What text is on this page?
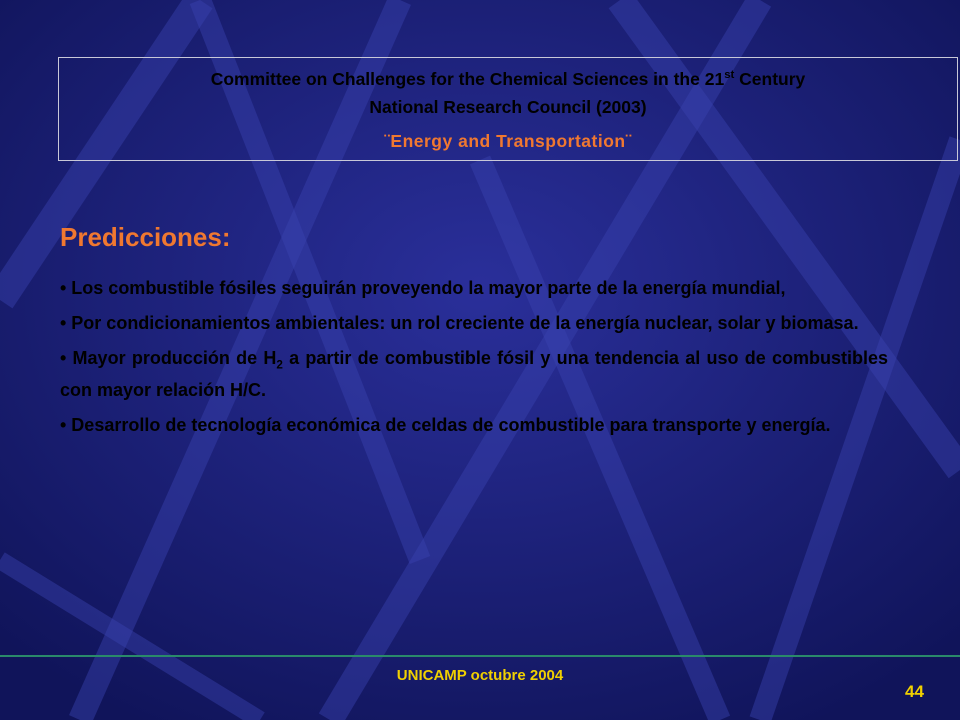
Committee on Challenges for the Chemical Sciences in the 21st Century
National Research Council (2003)
¨Energy and Transportation¨
Predicciones:
• Los combustible fósiles seguirán proveyendo la mayor parte de la energía mundial,
• Por condicionamientos ambientales: un rol creciente de la energía nuclear, solar y biomasa.
• Mayor producción de $H_2$ a partir de combustible fósil y una tendencia al uso de combustibles con mayor relación H/C.
• Desarrollo de tecnología económica de celdas de combustible para transporte y energía.
UNICAMP octubre 2004
44
